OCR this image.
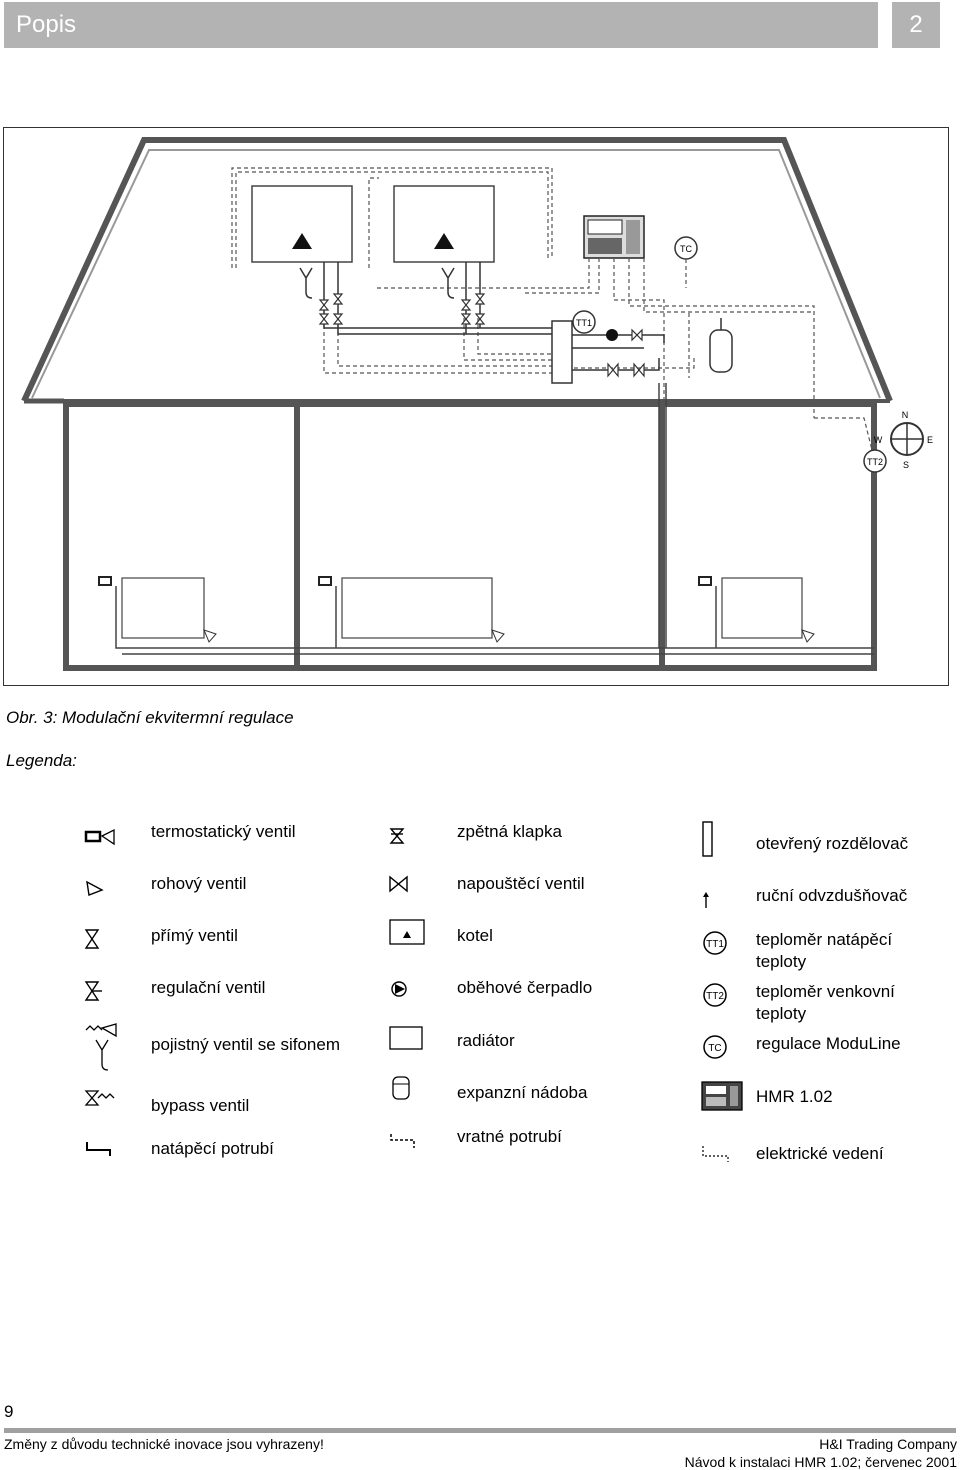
Popis	2
TC
TT1
N
S
E
W
TT2
Obr. 3: Modulační ekvitermní regulace
Legenda:
termostatický ventil
rohový ventil
přímý ventil
regulační ventil
pojistný ventil se sifonem
bypass ventil
natápěcí potrubí
zpětná klapka
napouštěcí ventil
kotel
oběhové čerpadlo
radiátor
expanzní nádoba
vratné potrubí
otevřený rozdělovač
ruční odvzdušňovač
TT1 teploměr natápěcí teploty
TT2 teploměr venkovní teploty
TC regulace ModuLine
HMR 1.02
elektrické vedení
9
Změny z důvodu technické inovace jsou vyhrazeny!	H&I Trading Company
Návod k instalaci HMR 1.02; červenec 2001
